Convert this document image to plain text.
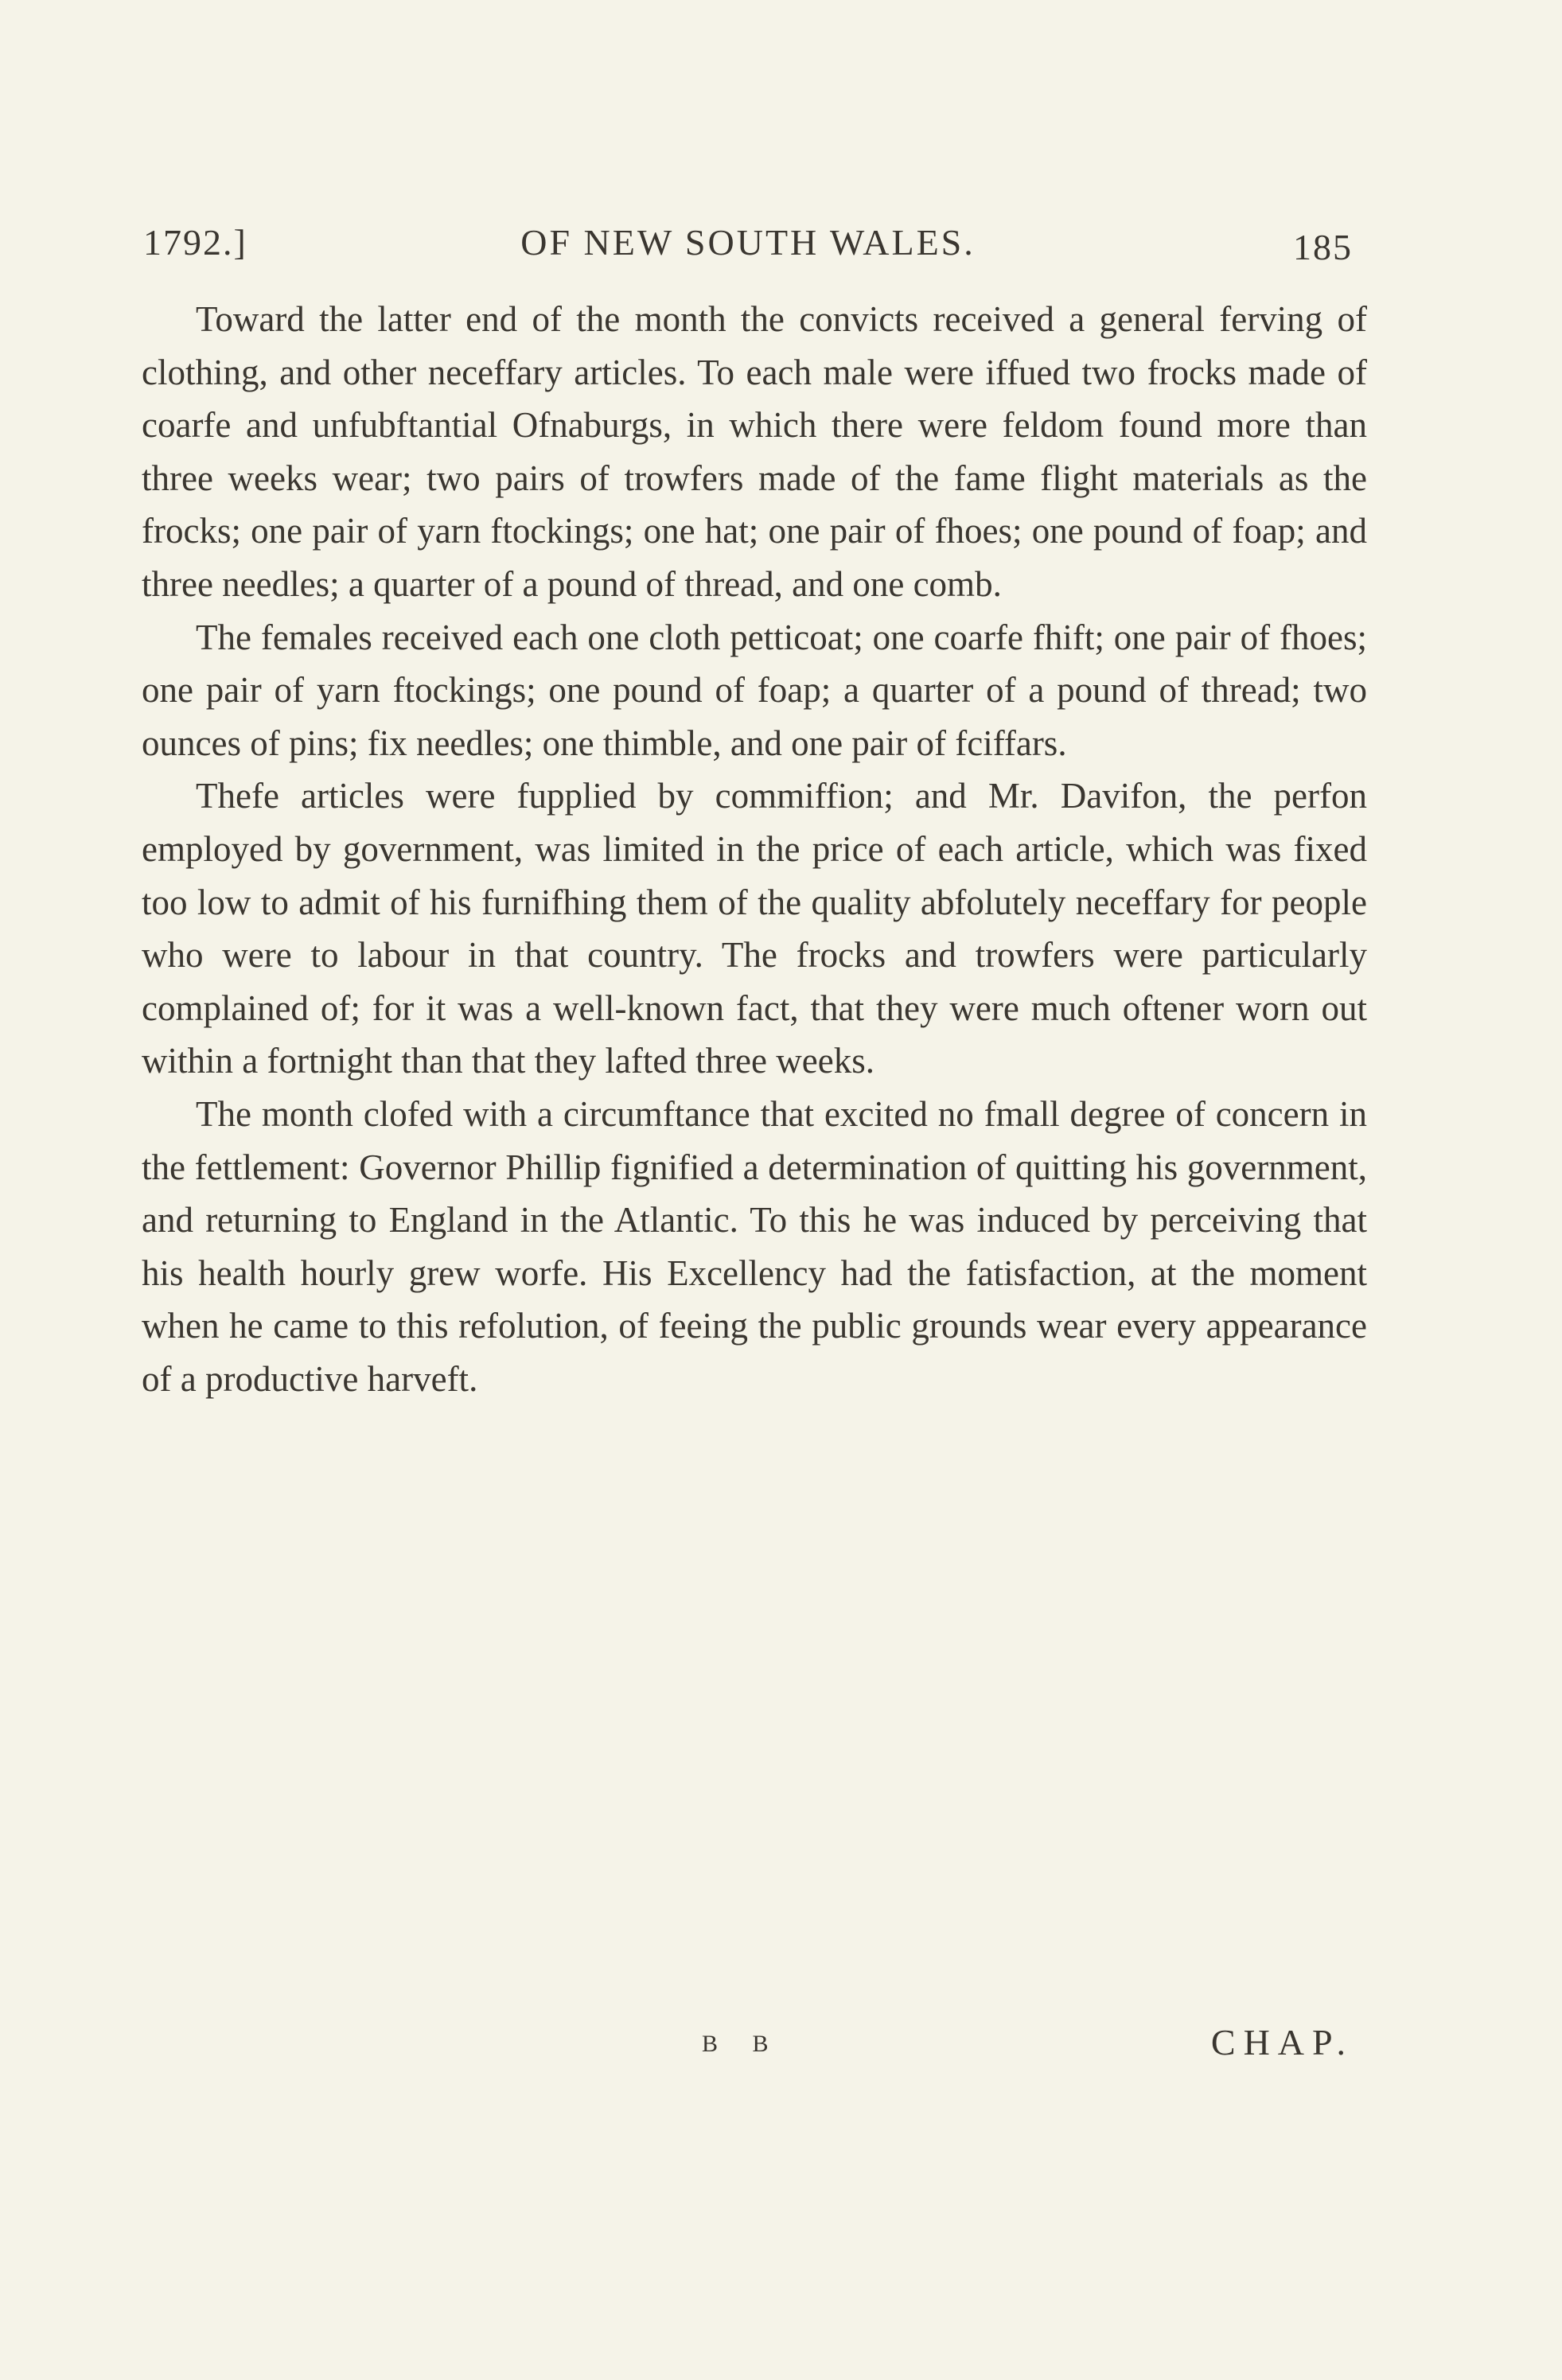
1792.]	OF NEW SOUTH WALES.	185

Toward the latter end of the month the convicts received a general ferving of clothing, and other neceffary articles. To each male were iffued two frocks made of coarfe and unfubftantial Ofnaburgs, in which there were feldom found more than three weeks wear; two pairs of trowfers made of the fame flight materials as the frocks; one pair of yarn ftockings; one hat; one pair of fhoes; one pound of foap; and three needles; a quarter of a pound of thread, and one comb.

The females received each one cloth petticoat; one coarfe fhift; one pair of fhoes; one pair of yarn ftockings; one pound of foap; a quarter of a pound of thread; two ounces of pins; fix needles; one thimble, and one pair of fciffars.

Thefe articles were fupplied by commiffion; and Mr. Davifon, the perfon employed by government, was limited in the price of each article, which was fixed too low to admit of his furnifhing them of the quality abfolutely neceffary for people who were to labour in that country. The frocks and trowfers were particularly complained of; for it was a well-known fact, that they were much oftener worn out within a fortnight than that they lafted three weeks.

The month clofed with a circumftance that excited no fmall degree of concern in the fettlement: Governor Phillip fignified a determination of quitting his government, and returning to England in the Atlantic. To this he was induced by perceiving that his health hourly grew worfe. His Excellency had the fatisfaction, at the moment when he came to this refolution, of feeing the public grounds wear every appearance of a productive harveft.

B B	CHAP.
